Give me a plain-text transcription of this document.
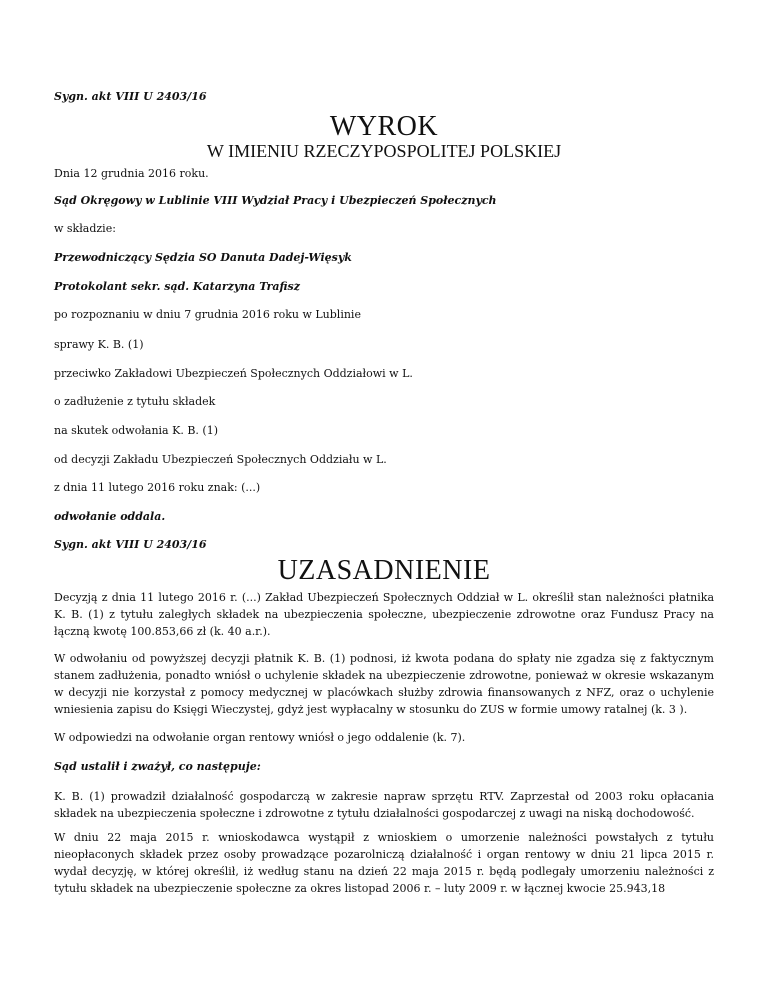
Sygn. akt VIII U 2403/16
WYROK
W IMIENIU RZECZYPOSPOLITEJ POLSKIEJ
Dnia 12 grudnia 2016 roku.
Sąd Okręgowy w Lublinie VIII Wydział Pracy i Ubezpieczeń Społecznych
w składzie:
Przewodniczący Sędzia SO Danuta Dadej-Więsyk
Protokolant sekr. sąd. Katarzyna Trafisz
po rozpoznaniu w dniu 7 grudnia 2016 roku w Lublinie
sprawy K. B. (1)
przeciwko Zakładowi Ubezpieczeń Społecznych Oddziałowi w L.
o zadłużenie z tytułu składek
na skutek odwołania K. B. (1)
od decyzji Zakładu Ubezpieczeń Społecznych Oddziału w L.
z dnia 11 lutego 2016 roku znak: (...)
odwołanie oddala.
Sygn. akt VIII U 2403/16
UZASADNIENIE
Decyzją z dnia 11 lutego 2016 r. (...) Zakład Ubezpieczeń Społecznych Oddział w L. określił stan należności płatnika K. B. (1) z tytułu zaległych składek na ubezpieczenia społeczne, ubezpieczenie zdrowotne oraz Fundusz Pracy na łączną kwotę 100.853,66 zł (k. 40 a.r.).
W odwołaniu od powyższej decyzji płatnik K. B. (1) podnosi, iż kwota podana do spłaty nie zgadza się z faktycznym stanem zadłużenia, ponadto wniósł o uchylenie składek na ubezpieczenie zdrowotne, ponieważ w okresie wskazanym w decyzji nie korzystał z pomocy medycznej w placówkach służby zdrowia finansowanych z NFZ, oraz o uchylenie wniesienia zapisu do Księgi Wieczystej, gdyż jest wypłacalny w stosunku do ZUS w formie umowy ratalnej (k. 3 ).
W odpowiedzi na odwołanie organ rentowy wniósł o jego oddalenie (k. 7).
Sąd ustalił i zważył, co następuje:
K. B. (1) prowadził działalność gospodarczą w zakresie napraw sprzętu RTV. Zaprzestał od 2003 roku opłacania składek na ubezpieczenia społeczne i zdrowotne z tytułu działalności gospodarczej z uwagi na niską dochodowość.
W dniu 22 maja 2015 r. wnioskodawca wystąpił z wnioskiem o umorzenie należności powstałych z tytułu nieopłaconych składek przez osoby prowadzące pozarolniczą działalność i organ rentowy w dniu 21 lipca 2015 r. wydał decyzję, w której określił, iż według stanu na dzień 22 maja 2015 r. będą podlegały umorzeniu należności z tytułu składek na ubezpieczenie społeczne za okres listopad 2006 r. – luty 2009 r. w łącznej kwocie 25.943,18
